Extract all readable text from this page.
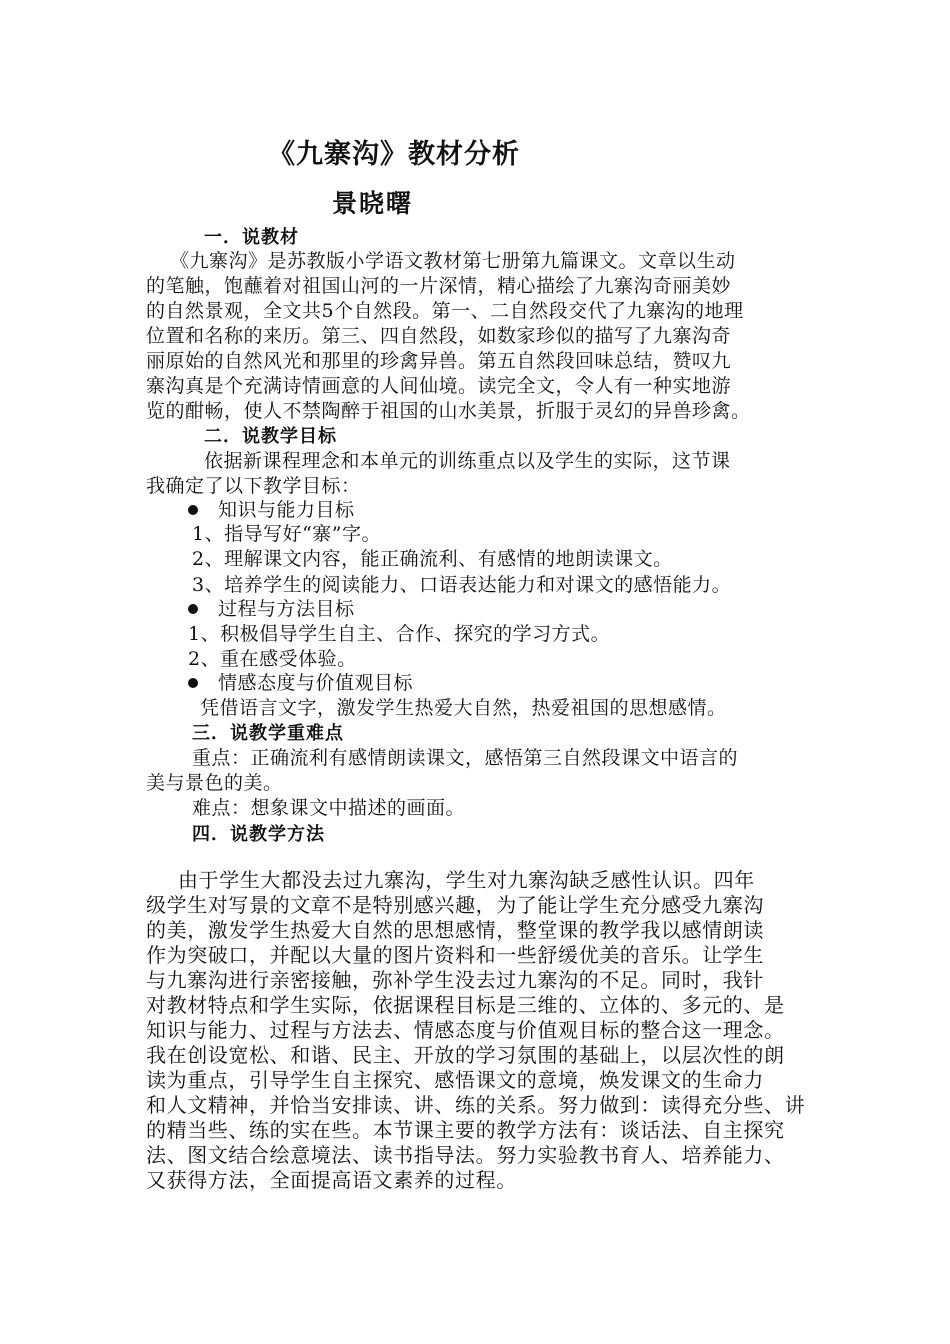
《九寨沟》教材分析
景晓曙
一．说教材
《九寨沟》是苏教版小学语文教材第七册第九篇课文。文章以生动
的笔触，饱蘸着对祖国山河的一片深情，精心描绘了九寨沟奇丽美妙
的自然景观，全文共5个自然段。第一、二自然段交代了九寨沟的地理
位置和名称的来历。第三、四自然段，如数家珍似的描写了九寨沟奇
丽原始的自然风光和那里的珍禽异兽。第五自然段回味总结，赞叹九
寨沟真是个充满诗情画意的人间仙境。读完全文，令人有一种实地游
览的酣畅，使人不禁陶醉于祖国的山水美景，折服于灵幻的异兽珍禽。
二．说教学目标
依据新课程理念和本单元的训练重点以及学生的实际，这节课
我确定了以下教学目标：
知识与能力目标
1、指导写好“寨”字。
2、理解课文内容，能正确流利、有感情的地朗读课文。
3、培养学生的阅读能力、口语表达能力和对课文的感悟能力。
过程与方法目标
1、积极倡导学生自主、合作、探究的学习方式。
2、重在感受体验。
情感态度与价值观目标
凭借语言文字，激发学生热爱大自然，热爱祖国的思想感情。
三．说教学重难点
重点：正确流利有感情朗读课文，感悟第三自然段课文中语言的
美与景色的美。
难点：想象课文中描述的画面。
四．说教学方法
由于学生大都没去过九寨沟，学生对九寨沟缺乏感性认识。四年
级学生对写景的文章不是特别感兴趣，为了能让学生充分感受九寨沟
的美，激发学生热爱大自然的思想感情，整堂课的教学我以感情朗读
作为突破口，并配以大量的图片资料和一些舒缓优美的音乐。让学生
与九寨沟进行亲密接触，弥补学生没去过九寨沟的不足。同时，我针
对教材特点和学生实际，依据课程目标是三维的、立体的、多元的、是
知识与能力、过程与方法去、情感态度与价值观目标的整合这一理念。
我在创设宽松、和谐、民主、开放的学习氛围的基础上，以层次性的朗
读为重点，引导学生自主探究、感悟课文的意境，焕发课文的生命力
和人文精神，并恰当安排读、讲、练的关系。努力做到：读得充分些、讲
的精当些、练的实在些。本节课主要的教学方法有：谈话法、自主探究
法、图文结合绘意境法、读书指导法。努力实验教书育人、培养能力、
又获得方法，全面提高语文素养的过程。
